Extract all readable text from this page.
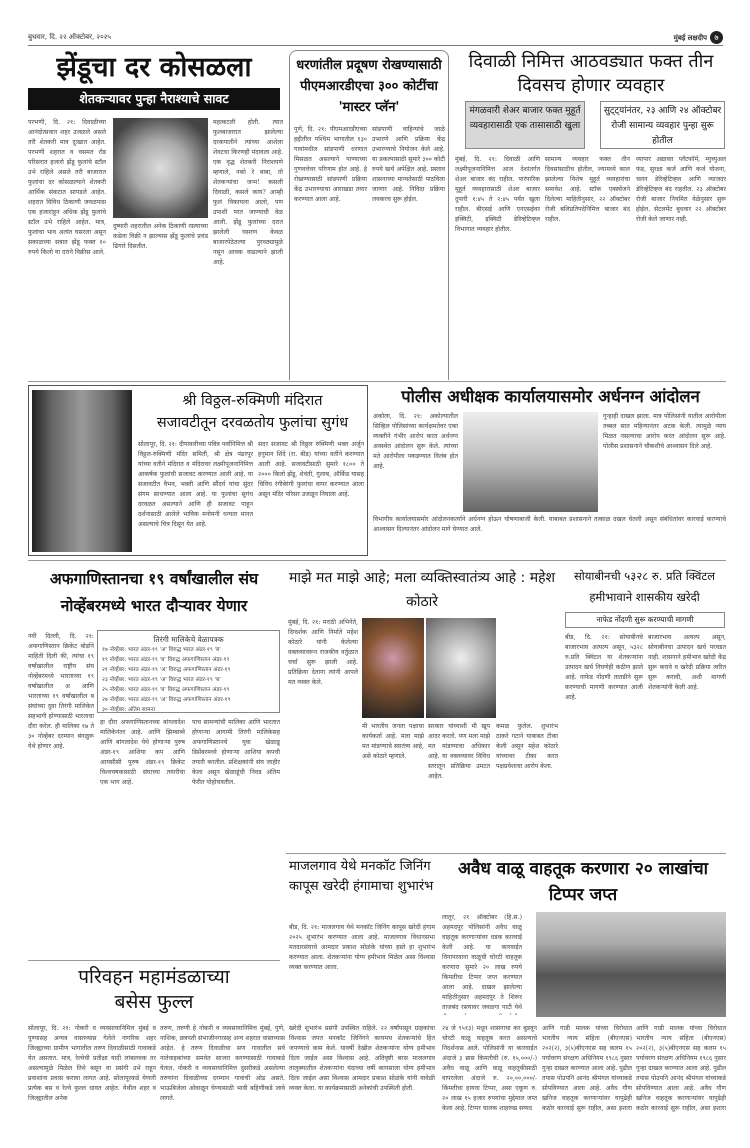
बुधवार, दि. २२ ऑक्टोबर, २०२५	मुंबई लक्षदीप ७
झेंडूचा दर कोसळला
शेतकऱ्यावर पुन्हा नैराश्याचे सावट
परभणी, दि. २१: दिवाळीच्या आनंदोत्सवात शहर उजळले असले तरी शेतकरी मात्र दुःखात आहेत. परभणी शहरात व वसमत रोड परिसरात हजारो झेंडू फुलांचे स्टॉल उभे राहिले असले तरी बाजारात फुलांचा दर कोसळल्याने शेतकरी आर्थिक संकटात सापडले आहेत. शहरात विविध ठिकाणी जवळपास एक हजारांहून अधिक झेंडू फुलांचे स्टॉल उभे राहिले आहेत. मात्र, फुलांचा भाव अत्यंत घसरला असून सकाळच्या सत्रात झेंडू फक्त १० रुपये किलो या दराने विक्रीस आले.
दुष्यारी शहरातील अनेक ठिकाणी रस्त्याच्या कडेला विक्री न झाल्यास झेंडू फुलांचे प्रचंड ढिगारे दिसतीत.
महत्कटली होती. त्यात फुलबाजारात झालेल्या दरकपातीने त्यांच्या आशेला शेवटचा किरणही मंदावला आहे. एक वृद्ध शेतकरी निराशपणे म्हणाले, नको रे बाबा, तो शेतकऱ्यांचा जन्म! कसली दिवाळी, कसले काय? आम्ही फुलं विकायला आलो, पण उपाशी परत जाण्याची वेळ आली. झेंडू फुलांच्या दरात झालेली घसरण केवळ बाजारपेठेतल्या पुरवठ्यामुळे नसून आवक वाढल्याने झाली आहे.
धरणांतील प्रदूषण रोखण्यासाठी पीएमआरडीएचा ३०० कोटींचा 'मास्टर प्लॅन'
पुणे, दि. २१: पीएमआरडीएच्या हद्दीतील पश्चिम भागातील १३० गावांमधील सांडपाणी धरणात मिसळत असल्याने पाण्याच्या गुणवत्तेवर परिणाम होत आहे. हे रोखण्यासाठी सांडपाणी प्रक्रिया केंद्र उभारण्याचा आराखडा तयार करण्यात आला आहे.
सांडपाणी वाहिन्यांचे जाळे उभारणे आणि प्रक्रिया केंद्र उभारण्याचे नियोजन केले आहे. या प्रकल्पासाठी सुमारे ३०० कोटी रुपये खर्च अपेक्षित आहे. प्रस्ताव शासनाच्या मान्यतेसाठी पाठविला जाणार आहे. निविदा प्रक्रिया लवकरच सुरू होईल.
दिवाळी निमित्त आठवड्यात फक्त तीन दिवसच होणार व्यवहार
मंगळवारी शेअर बाजार फक्त मुहूर्त व्यवहारासाठी एक तासासाठी खुला
सुट्ट्यांनंतर, २३ आणि २४ ऑक्टोबर रोजी सामान्य व्यवहार पुन्हा सुरू होतील
मुंबई, दि. २१: दिवाळी आणि लक्ष्मीपूजनानिमित्त आज देशांतर्गत शेअर बाजार बंद राहील. पारंपारिक मुहूर्त व्यवहारासाठी शेअर बाजार दुपारी १:४५ ते २:४५ पर्यंत खुला राहील. बीएसई आणि एनएसईवर इक्विटी, इक्विटी डेरिव्हेटिव्ह्ज विभागात व्यवहार होतील.
सामान्य व्यवहार फक्त तीन दिवसांसाठीच होतील, ज्यामध्ये काल झालेल्या विशेष मुहूर्त व्यवहारांचा समावेश आहे. स्टॉक एक्स्चेंजने दिलेल्या माहितीनुसार, २२ ऑक्टोबर रोजी बलिप्रतिपदेनिमित्त बाजार बंद राहील.
व्यापार अद्यावत प्लॅटफॉर्म, म्युच्युअल फंड, सुरक्षा कर्ज आणि कर्ज योजना, चलन डेरिव्हेटिव्ह्ज आणि व्याजदर डेरिव्हेटिव्ह्ज बंद राहतील. २३ ऑक्टोबर रोजी बाजार नियमित वेळेनुसार सुरू होईल. सेटलमेंट बुधवार २२ ऑक्टोबर रोजी केले जाणार नाही.
श्री विठ्ठल-रुक्मिणी मंदिरात
सजावटीतून दरवळतोय फुलांचा सुगंध
सोलापूर, दि. २१: दीपावलीच्या पवित्र पर्वानिमित्त श्री विठ्ठल-रुक्मिणी मंदिर समिती, श्री क्षेत्र पंढरपूर यांच्या वतीने मंदिरात व मंदिरावर लक्ष्मीपूजनानिमित्त आकर्षक फुलांची सजावट करण्यात आली आहे. या सजावटीत वैभव, भक्ती आणि सौंदर्य यांचा सुंदर संगम साधण्यात आला आहे. या फुलांचा सुगंध दरवळत असल्याने आणि ही सजावट पाहून दर्शनासाठी आलेले भाविक मनोमनी धन्यता मानत असल्याचे चित्र दिसून येत आहे.
सदर सजावट श्री विठ्ठल रुक्मिणी भक्त अर्जुन हनुमान शिंदे (रा. बीड) यांच्या वतीने करण्यात आली आहे. सजावटीसाठी सुमारे १८०० ते २००० किलो झेंडू, शेवंती, गुलाब, ऑर्किड यासह विविध रंगीबेरंगी फुलांचा वापर करण्यात आला असून मंदिर परिसर उजळून निघाला आहे.
पोलीस अधीक्षक कार्यालयासमोर अर्धनग्न आंदोलन
अकोला, दि. २१: अकोल्यातील सिव्हिल पोलिसांच्या कार्यक्षमतेवर एका व्यक्तीने गंभीर आरोप करत अर्धनग्न अवस्थेत आंदोलन सुरू केले. त्यांच्या मते आरोपीला पकडण्यात विलंब होत आहे.
गुन्हाही दाखल झाला. मात्र पोलिसांनी यातील आरोपीला तब्बल सात महिन्यानंतर अटक केली. त्यामुळे न्याय मिळत नसल्याचा आरोप करत आंदोलन सुरू आहे. पोलीस प्रशासनाने चौकशीचे आश्वासन दिले आहे.
विभागीय कार्यालयासमोर आंदोलनकर्त्याने अर्धनग्न होऊन घोषणाबाजी केली. याबाबत प्रशासनाने तत्काळ दखल घेतली असून संबंधितांवर कारवाई करण्याचे आश्वासन दिल्यानंतर आंदोलन मागे घेण्यात आले.
अफगाणिस्तानचा १९ वर्षांखालील संघ नोव्हेंबरमध्ये भारत दौऱ्यावर येणार
नवी दिल्ली, दि. २१: अफगाणिस्तान क्रिकेट बोर्डाने माहिती दिली की, त्यांचा १९ वर्षांखालील राष्ट्रीय संघ नोव्हेंबरमध्ये भारताच्या १९ वर्षांखालील अ आणि भारताच्या १९ वर्षांखालील ब संघांच्या दुवा तिरंगी मालिकेत सहभागी होण्यासाठी भारताचा दौरा करेल. ही मालिका १७ ते ३० नोव्हेंबर दरम्यान बंगळुरू येथे होणार आहे.
तिरंगी मालिकेचे वेळापत्रक
१७ नोव्हेंबर: भारत अंडर-१९ 'अ' विरुद्ध भारत अंडर-१९ 'ब'
१९ नोव्हेंबर: भारत अंडर-१९ 'ब' विरुद्ध अफगाणिस्तान अंडर-१९
२१ नोव्हेंबर: भारत अंडर-१९ 'अ' विरुद्ध अफगाणिस्तान अंडर-१९
२३ नोव्हेंबर: भारत अंडर-१९ 'अ' विरुद्ध भारत अंडर-१९ 'ब'
२५ नोव्हेंबर: भारत अंडर-१९ 'ब' विरुद्ध अफगाणिस्तान अंडर-१९
२७ नोव्हेंबर: भारत अंडर-१९ 'अ' विरुद्ध अफगाणिस्तान अंडर-१९
३० नोव्हेंबर: अंतिम सामना
हा दौरा अफगाणिस्तानच्या बांगलादेश मालिकेनंतर आहे. आणि झिम्बाब्वे आणि बांगलादेश येथे होणाऱ्या पुरुष अंडर-१९ आशिया कप आणि आयसीसी पुरुष अंडर-१९ क्रिकेट विश्वचषकासाठी संघाच्या तयारीचा एक भाग आहे.
पाच सामन्यांची मालिका आणि भारतात होणाऱ्या आगामी तिरंगी मालिकेसह अफगाणिस्तानचे युवा खेळाडू डिसेंबरमध्ये होणाऱ्या आशिया कपची तयारी करतील. प्रशिक्षकांनी संघ जाहीर केला असून खेळाडूंची निवड अंतिम फेरीत पोहोचवतील.
माझे मत माझे आहे; मला व्यक्तिस्वातंत्र्य आहे : महेश कोठारे
मुंबई, दि. २१: मराठी अभिनेते, दिग्दर्शक आणि निर्माते महेश कोठारे यांनी केलेल्या वक्तव्यावरून राजकीय वर्तुळात चर्चा सुरू झाली आहे. प्रतिक्रिया देताना त्यांनी आपले मत व्यक्त केले.
मी भारतीय जनता पक्षाचा कार्यकर्ता आहे. मला माझे मत मांडण्याचे स्वातंत्र्य आहे, असे कोठारे म्हणाले.
सरकार यांच्याशी मी खूप आदर करतो. पण मला माझे मत मांडण्याचा अधिकार आहे. या वक्तव्यावर विविध स्तरातून प्रतिक्रिया उमटत आहेत.
कमळ फुलेल. शुभारंभ ठाकरे गटाने याबाबत टीका केली असून महेश कोठारे यांच्यावर टीका करत पक्षप्रवेशाचा आरोप केला.
सोयाबीनची ५३२८ रु. प्रति क्विंटल हमीभावाने शासकीय खरेदी
नाफेड नोंदणी सुरू करण्याची मागणी
बीड, दि. २१: सोयाबीनचे बाजारभाव अत्यल्प असून, ५३२८ रु.प्रति क्विंटल या शेतकऱ्यांना उत्पादन खर्च निघणेही कठीण झाले आहे. नाफेड नोंदणी तातडीने सुरू करण्याची मागणी करण्यात आली आहे.
बाजारभाव अत्यल्प असून, सोयाबीनचा उत्पादन खर्च परवडत नाही. शासनाने हमीभाव खरेदी केंद्र सुरू करावे व खरेदी प्रक्रिया त्वरित सुरू करावी, अशी मागणी शेतकऱ्यांनी केली आहे.
माजलगाव येथे मनकॉट जिनिंग कापूस खरेदी हंगामाचा शुभारंभ
बीड, दि. २१: माजलगाव येथे मनकॉट जिनिंग कापूस खरेदी हंगाम २०२५ शुभारंभ करण्यात आला आहे. माजलगाव विधानसभा मतदारसंघाचे आमदार प्रकाश सोळंके यांच्या हस्ते हा शुभारंभ करण्यात आला. शेतकऱ्यांना योग्य हमीभाव मिळेल असा विश्वास व्यक्त करण्यात आला.
अवैध वाळू वाहतूक करणारा २० लाखांचा टिप्पर जप्त
लातूर, २१ ऑक्टोबर (हि.स.) अहमदपूर पोलिसांनी अवैध वाळू वाहतूक करणाऱ्यांवर धडक कारवाई केली आहे. या कारवाईत विनापरवाना वाळूची चोरटी वाहतूक करणारा सुमारे २० लाख रुपये किमतीचा टिप्पर जप्त करण्यात आला आहे. दाखल झालेल्या माहितीनुसार अहमदपूर ते शिरूर ताजबंद रस्त्यावर जवळगा पाटी येथे
परिवहन महामंडळाच्या
बसेस फुल्ल
सोलापूर, दि. २१: नोकरी व व्यवसायानिमित्त मुंबई व पुण्यासह अन्यत्र वास्तव्यास गेलेले नागरिक शहर जिल्ह्याच्या ग्रामीण भागातील तरुण दिवाळीसाठी गावाकडे येत असतात. मात्र, रेल्वेची प्रतीक्षा यादी लांबलचक तर असल्यामुळे मिळेल तिथे बसून वा प्रसंगी उभे राहून प्रवाशांना प्रवास करावा लागत आहे. सोलापूरकडे येणारी प्रत्येक बस व रेल्वे फुल्ल धावत आहेत. येथील शहर व जिल्ह्यातील अनेक
तरुण, तरुणी हे नोकरी व व्यवसायानिमित्त मुंबई, पुणे, नाशिक, छत्रपती संभाजीनगरसह अन्य शहरात वास्तव्यास आहेत. हे तरुण दिवाळीचा सण गावातील सर्व नातेवाइकांच्या समवेत साजरा करण्यासाठी गावाकडे येतात. नोकरी व व्यवसायानिमित्त दुसरीकडे असलेल्या तरुणांना दिवाळीच्या दरम्यान गावाची ओढ असते. भाऊबिजेला ओवाळून घेण्यासाठी भावी बहिणीकडे जावे लागते.
खरेदी शुभारंभ प्रसंगी उपस्थित राहिले. २२ वर्षांपासून ग्राहकांचा विश्वास जपत मनकॉट जिनिंगने कायमच शेतकऱ्यांचे हित जपण्याचे काम केले. यावर्षी देखील शेतकऱ्यांना योग्य हमीभाव दिला जाईल असा विश्वास आहे. अतिवृष्टी बरस माजलगाव तालुक्यातील शेतकऱ्यांना यंदाच्या वर्षी कापसाला योग्य हमीभाव दिला जाईल असा विश्वास आमदार प्रकाश सोळंके यांनी यावेळी व्यक्त केला. या कार्यक्रमासाठी अनेकांची उपस्थिती होती.
२४ जे ९५१३) मधून शासनाचा कर बुडवून चोरटी वाळू वाहतूक करत असल्याचे निदर्शनास आले. पोलिसांनी या कारवाईत अंदाजे ३ ब्रास किमतीची (रु. १५,०००/-) अवैध वाळू आणि वाळू वाहतुकीसाठी वापरलेला अंदाजे रु. २०,००,०००/- किंमतीचा हायवा टिप्पर, असा एकूण रु. २० लाख १५ हजार रुपयांचा मुद्देमाल जप्त केला आहे. टिप्पर चालक शाहरुख सय्यद
आणि गाडी मालक यांच्या विरोधात भारतीय न्याय संहिता (बीएनएस) २०२(२), ३(५)बीएनएस सह कलम १५ पर्यावरण संरक्षण अधिनियम १९८६ नुसार गुन्हा दाखल करण्यात आला आहे. पुढील तपास पोउपनि आनंद श्रीमंगल यांच्याकडे सोपविण्यात आला आहे. अवैध गौण खनिज वाहतूक करणाऱ्यांवर यापुढेही कठोर कारवाई सुरू राहील, असा इशारा
आणि गाडी मालक यांच्या विरोधात भारतीय न्याय संहिता (बीएनएस) २०२(२), ३(५)बीएनएस सह कलम १५ पर्यावरण संरक्षण अधिनियम १९८६ नुसार गुन्हा दाखल करण्यात आला आहे. पुढील तपास पोउपनि आनंद श्रीमंगल यांच्याकडे सोपविण्यात आला आहे. अवैध गौण खनिज वाहतूक करणाऱ्यांवर यापुढेही कठोर कारवाई सुरू राहील, असा इशारा
